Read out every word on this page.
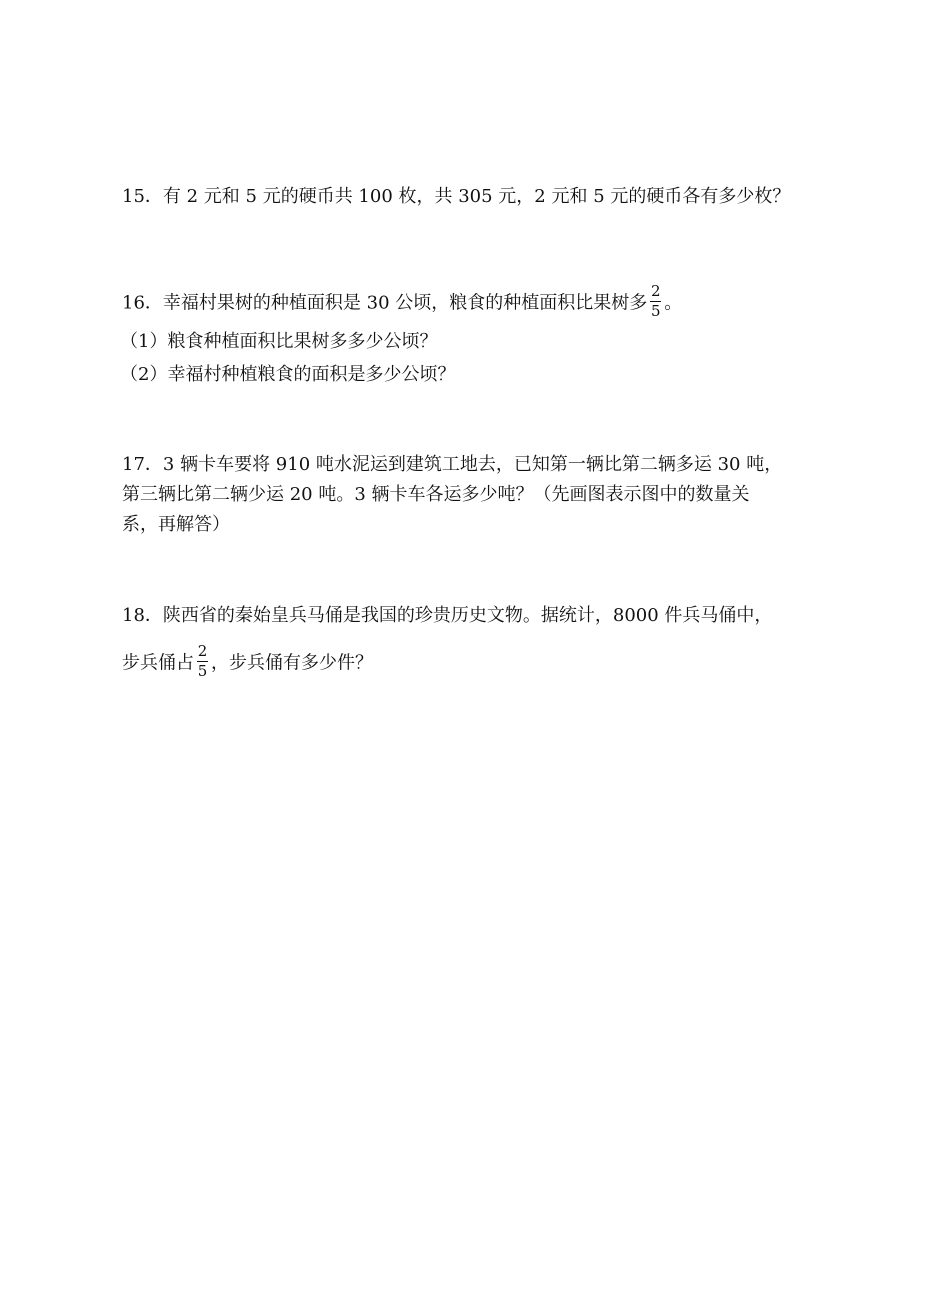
15．有 2 元和 5 元的硬币共 100 枚，共 305 元，2 元和 5 元的硬币各有多少枚？
16．幸福村果树的种植面积是 30 公顷，粮食的种植面积比果树多 $\frac{2}{5}$ 。
（1）粮食种植面积比果树多多少公顷？
（2）幸福村种植粮食的面积是多少公顷？
17．3 辆卡车要将 910 吨水泥运到建筑工地去，已知第一辆比第二辆多运 30 吨，
第三辆比第二辆少运 20 吨。3 辆卡车各运多少吨？（先画图表示图中的数量关
系，再解答）
18．陕西省的秦始皇兵马俑是我国的珍贵历史文物。据统计，8000 件兵马俑中，
步兵俑占 $\frac{2}{5}$ ，步兵俑有多少件？
